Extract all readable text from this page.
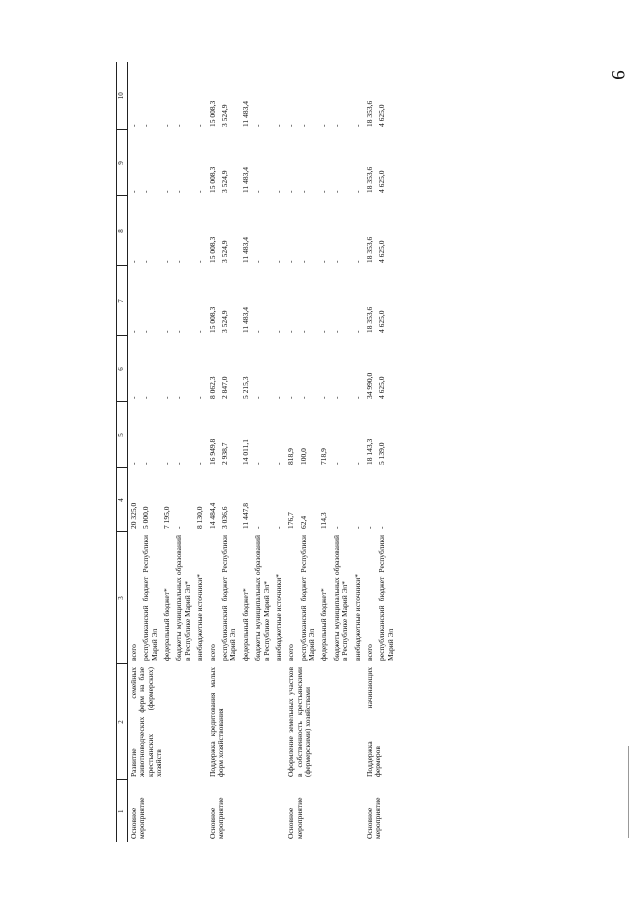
9
1	2	3	4	5	6	7	8	9	10
Основное мероприятие	Развитие семейных животноводческих ферм на базе крестьянских (фермерских) хозяйств	всего	20 325,0	-	-	-	-	-	-
		республиканский бюджет Республики Марий Эл	5 000,0	-	-	-	-	-	-
		федеральный бюджет*	7 195,0	-	-	-	-	-	-
		бюджеты муниципальных образований в Республике Марий Эл*	-	-	-	-	-	-	-
		внебюджетные источники*	8 130,0	-	-	-	-	-	-
Основное мероприятие	Поддержка кредитования малых форм хозяйствования	всего	14 484,4	16 949,8	8 062,3	15 008,3	15 008,3	15 008,3	15 008,3
		республиканский бюджет Республики Марий Эл	3 036,6	2 938,7	2 847,0	3 524,9	3 524,9	3 524,9	3 524,9
		федеральный бюджет*	11 447,8	14 011,1	5 215,3	11 483,4	11 483,4	11 483,4	11 483,4
		бюджеты муниципальных образований в Республике Марий Эл*	-	-	-	-	-	-	-
		внебюджетные источники*	-	-	-	-	-	-	-
Основное мероприятие	Оформление земельных участков в собственность крестьянскими (фермерскими) хозяйствами	всего	176,7	818,9	-	-	-	-	-
		республиканский бюджет Республики Марий Эл	62,4	100,0	-	-	-	-	-
		федеральный бюджет*	114,3	718,9	-	-	-	-	-
		бюджеты муниципальных образований в Республике Марий Эл*	-	-	-	-	-	-	-
		внебюджетные источники*	-	-	-	-	-	-	-
Основное мероприятие	Поддержка начинающих фермеров	всего	-	18 143,3	34 990,0	18 353,6	18 353,6	18 353,6	18 353,6
		республиканский бюджет Республики Марий Эл	-	5 139,0	4 625,0	4 625,0	4 625,0	4 625,0	4 625,0
